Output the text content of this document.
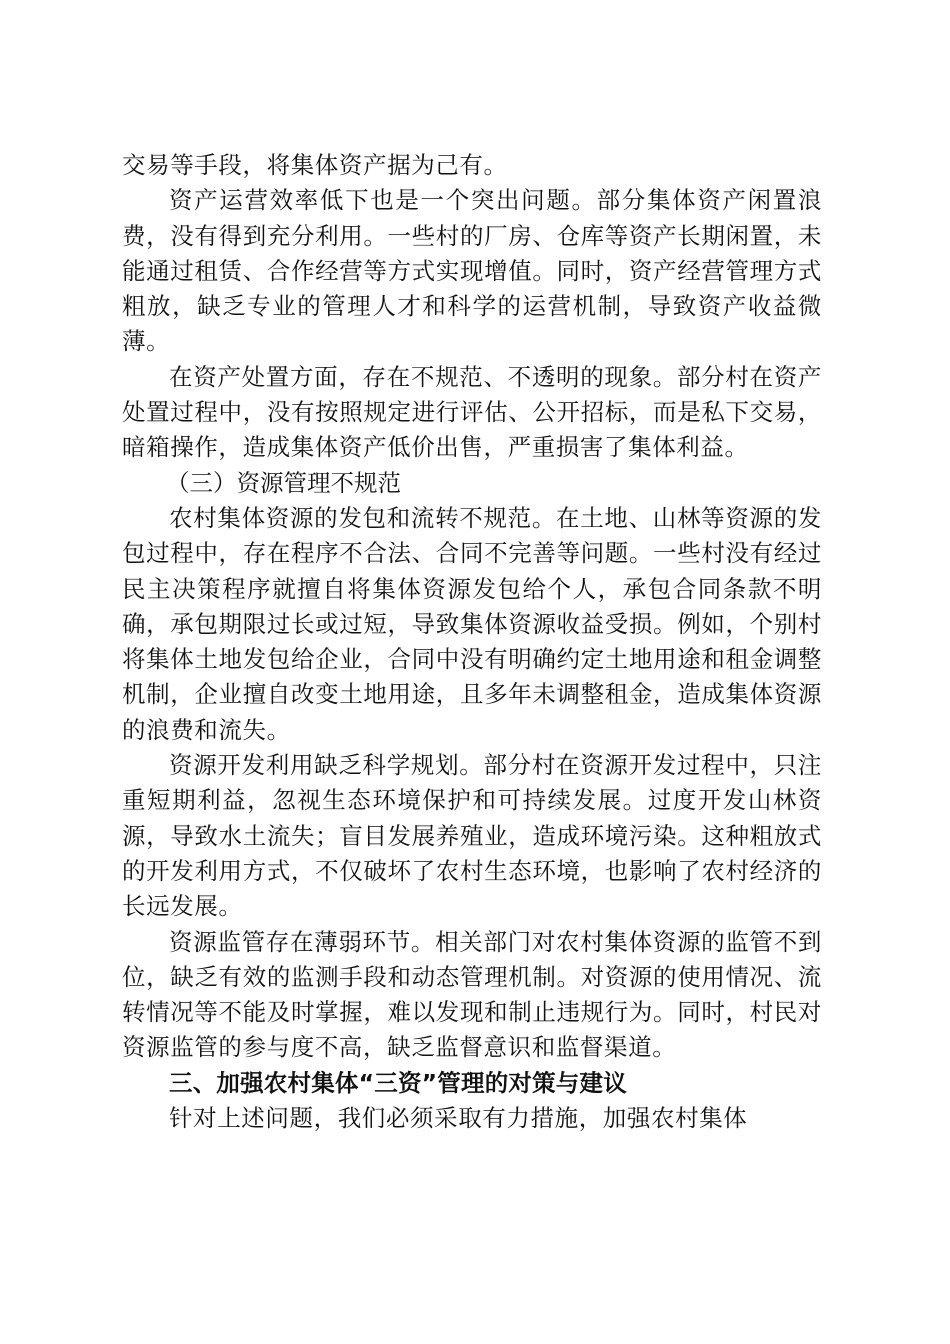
交易等手段，将集体资产据为己有。

资产运营效率低下也是一个突出问题。部分集体资产闲置浪费，没有得到充分利用。一些村的厂房、仓库等资产长期闲置，未能通过租赁、合作经营等方式实现增值。同时，资产经营管理方式粗放，缺乏专业的管理人才和科学的运营机制，导致资产收益微薄。

在资产处置方面，存在不规范、不透明的现象。部分村在资产处置过程中，没有按照规定进行评估、公开招标，而是私下交易，暗箱操作，造成集体资产低价出售，严重损害了集体利益。

（三）资源管理不规范

农村集体资源的发包和流转不规范。在土地、山林等资源的发包过程中，存在程序不合法、合同不完善等问题。一些村没有经过民主决策程序就擅自将集体资源发包给个人，承包合同条款不明确，承包期限过长或过短，导致集体资源收益受损。例如，个别村将集体土地发包给企业，合同中没有明确约定土地用途和租金调整机制，企业擅自改变土地用途，且多年未调整租金，造成集体资源的浪费和流失。

资源开发利用缺乏科学规划。部分村在资源开发过程中，只注重短期利益，忽视生态环境保护和可持续发展。过度开发山林资源，导致水土流失；盲目发展养殖业，造成环境污染。这种粗放式的开发利用方式，不仅破坏了农村生态环境，也影响了农村经济的长远发展。

资源监管存在薄弱环节。相关部门对农村集体资源的监管不到位，缺乏有效的监测手段和动态管理机制。对资源的使用情况、流转情况等不能及时掌握，难以发现和制止违规行为。同时，村民对资源监管的参与度不高，缺乏监督意识和监督渠道。

三、加强农村集体“三资”管理的对策与建议

针对上述问题，我们必须采取有力措施，加强农村集体
